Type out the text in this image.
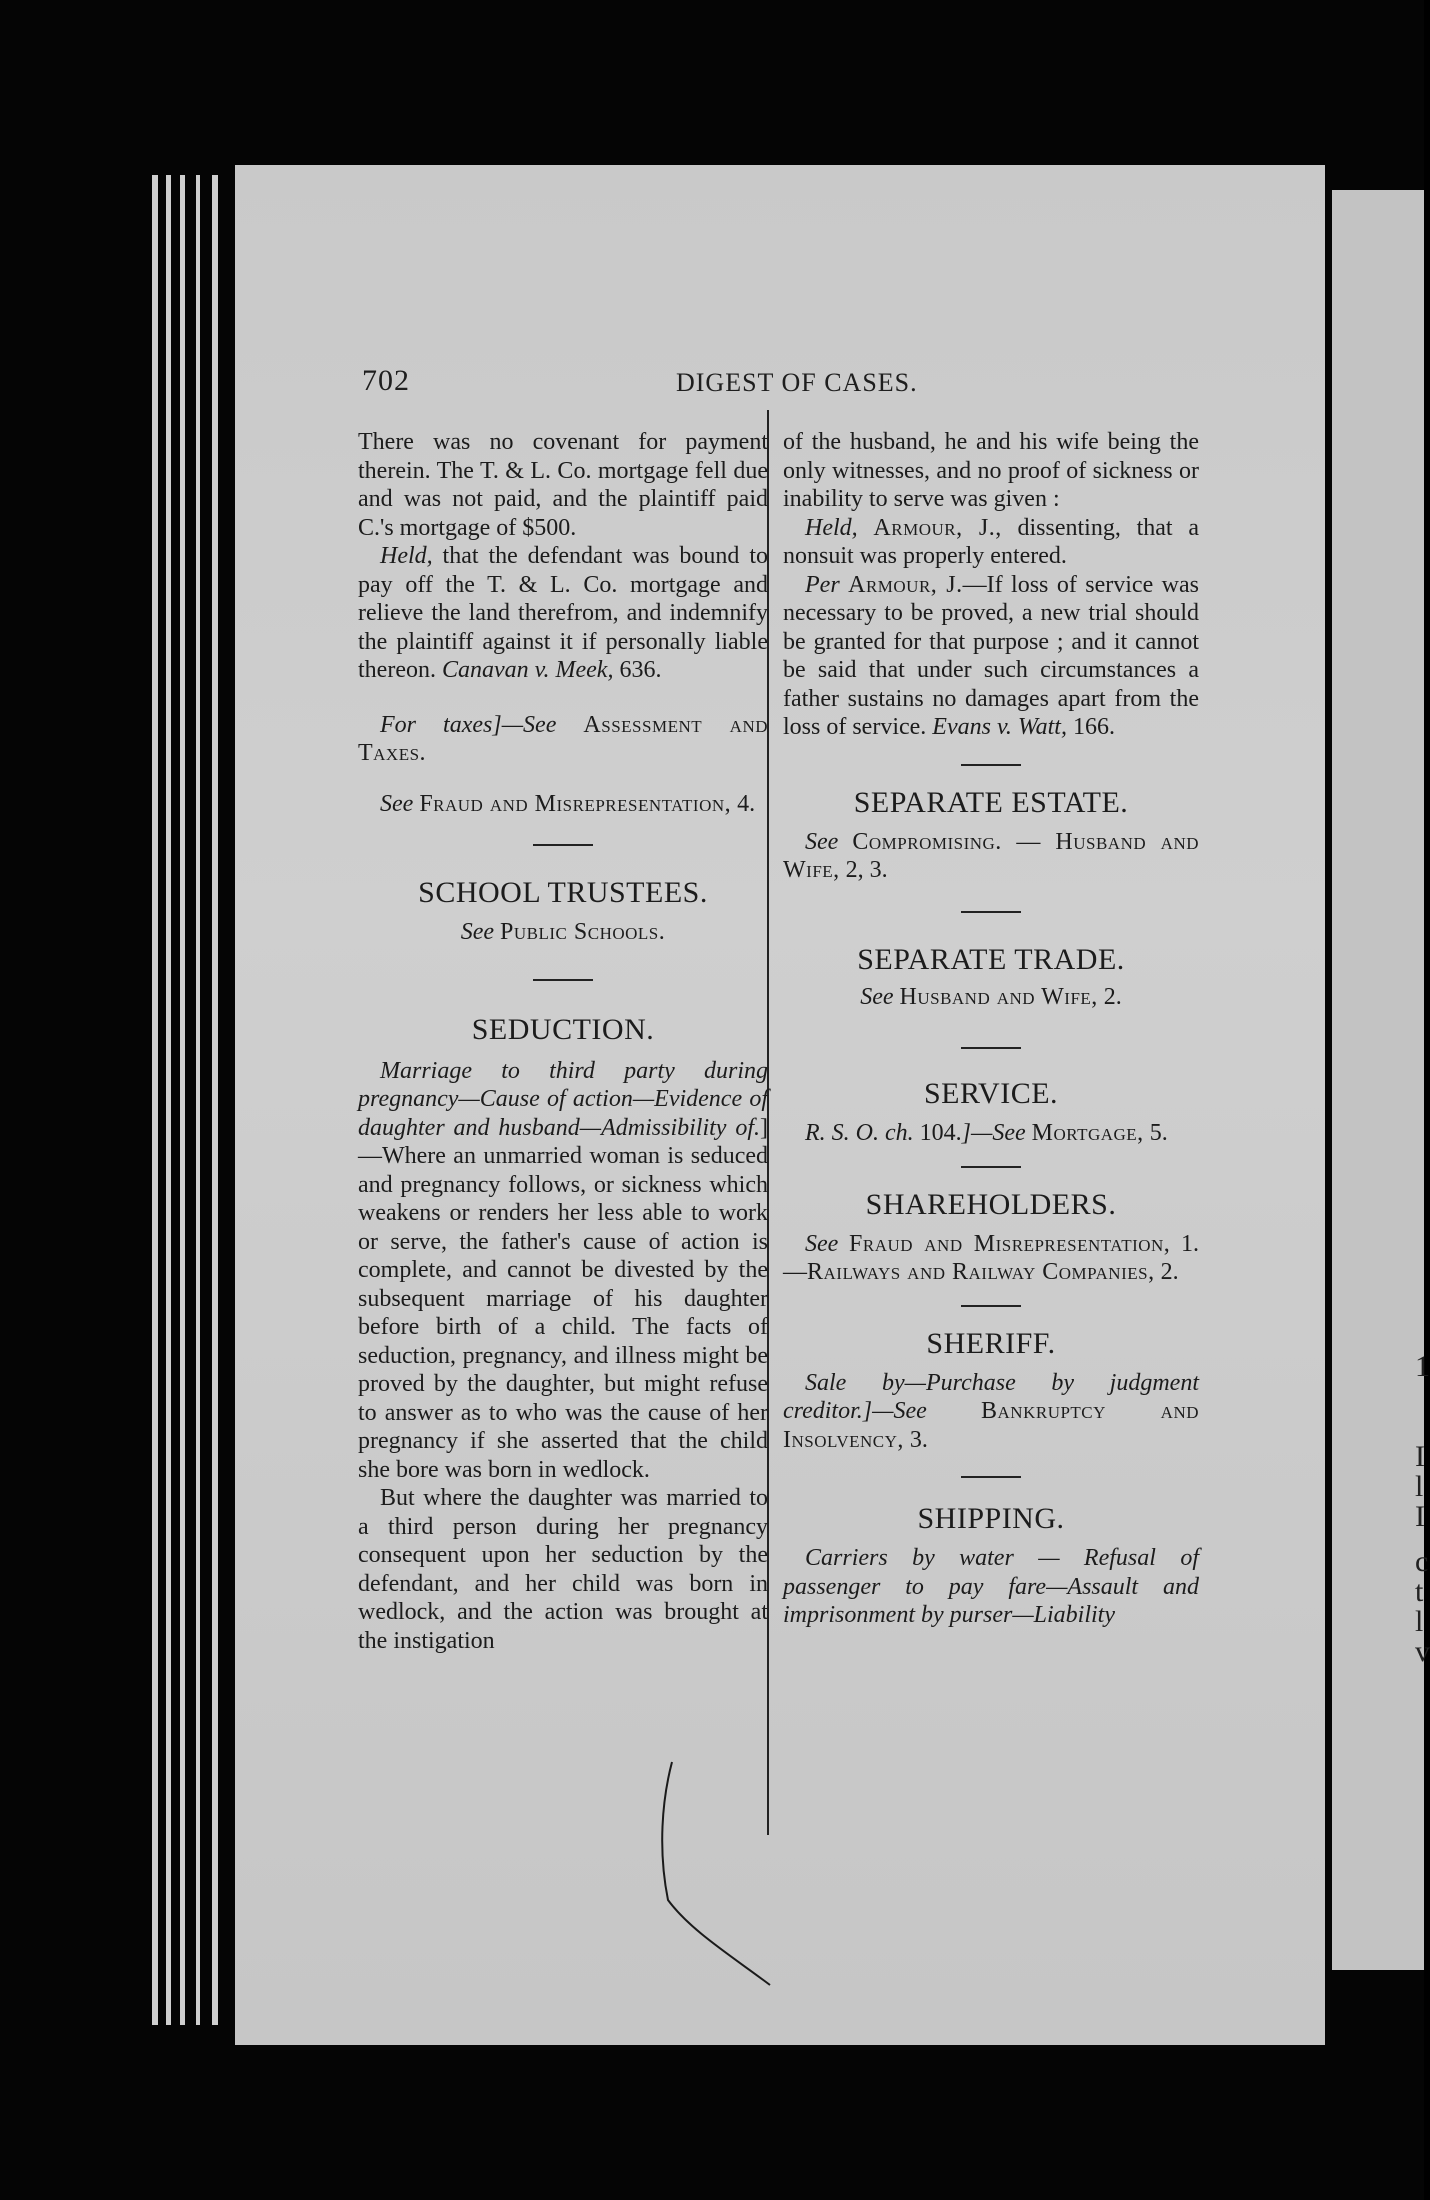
1
I
l
I
c
t
l
v
702	DIGEST OF CASES.

There was no covenant for payment therein. The T. & L. Co. mortgage fell due and was not paid, and the plaintiff paid C.'s mortgage of $500.

Held, that the defendant was bound to pay off the T. & L. Co. mortgage and relieve the land therefrom, and indemnify the plaintiff against it if personally liable thereon. Canavan v. Meek, 636.

For taxes]—See Assessment and Taxes.

See Fraud and Misrepresentation, 4.

SCHOOL TRUSTEES.

See Public Schools.

SEDUCTION.

Marriage to third party during pregnancy—Cause of action—Evidence of daughter and husband—Admissibility of.]—Where an unmarried woman is seduced and pregnancy follows, or sickness which weakens or renders her less able to work or serve, the father's cause of action is complete, and cannot be divested by the subsequent marriage of his daughter before birth of a child. The facts of seduction, pregnancy, and illness might be proved by the daughter, but might refuse to answer as to who was the cause of her pregnancy if she asserted that the child she bore was born in wedlock.

But where the daughter was married to a third person during her pregnancy consequent upon her seduction by the defendant, and her child was born in wedlock, and the action was brought at the instigation

of the husband, he and his wife being the only witnesses, and no proof of sickness or inability to serve was given :

Held, Armour, J., dissenting, that a nonsuit was properly entered.

Per Armour, J.—If loss of service was necessary to be proved, a new trial should be granted for that purpose ; and it cannot be said that under such circumstances a father sustains no damages apart from the loss of service. Evans v. Watt, 166.

SEPARATE ESTATE.

See Compromising. — Husband and Wife, 2, 3.

SEPARATE TRADE.

See Husband and Wife, 2.

SERVICE.

R. S. O. ch. 104.]—See Mortgage, 5.

SHAREHOLDERS.

See Fraud and Misrepresentation, 1.—Railways and Railway Companies, 2.

SHERIFF.

Sale by—Purchase by judgment creditor.]—See Bankruptcy and Insolvency, 3.

SHIPPING.

Carriers by water — Refusal of passenger to pay fare—Assault and imprisonment by purser—Liability
